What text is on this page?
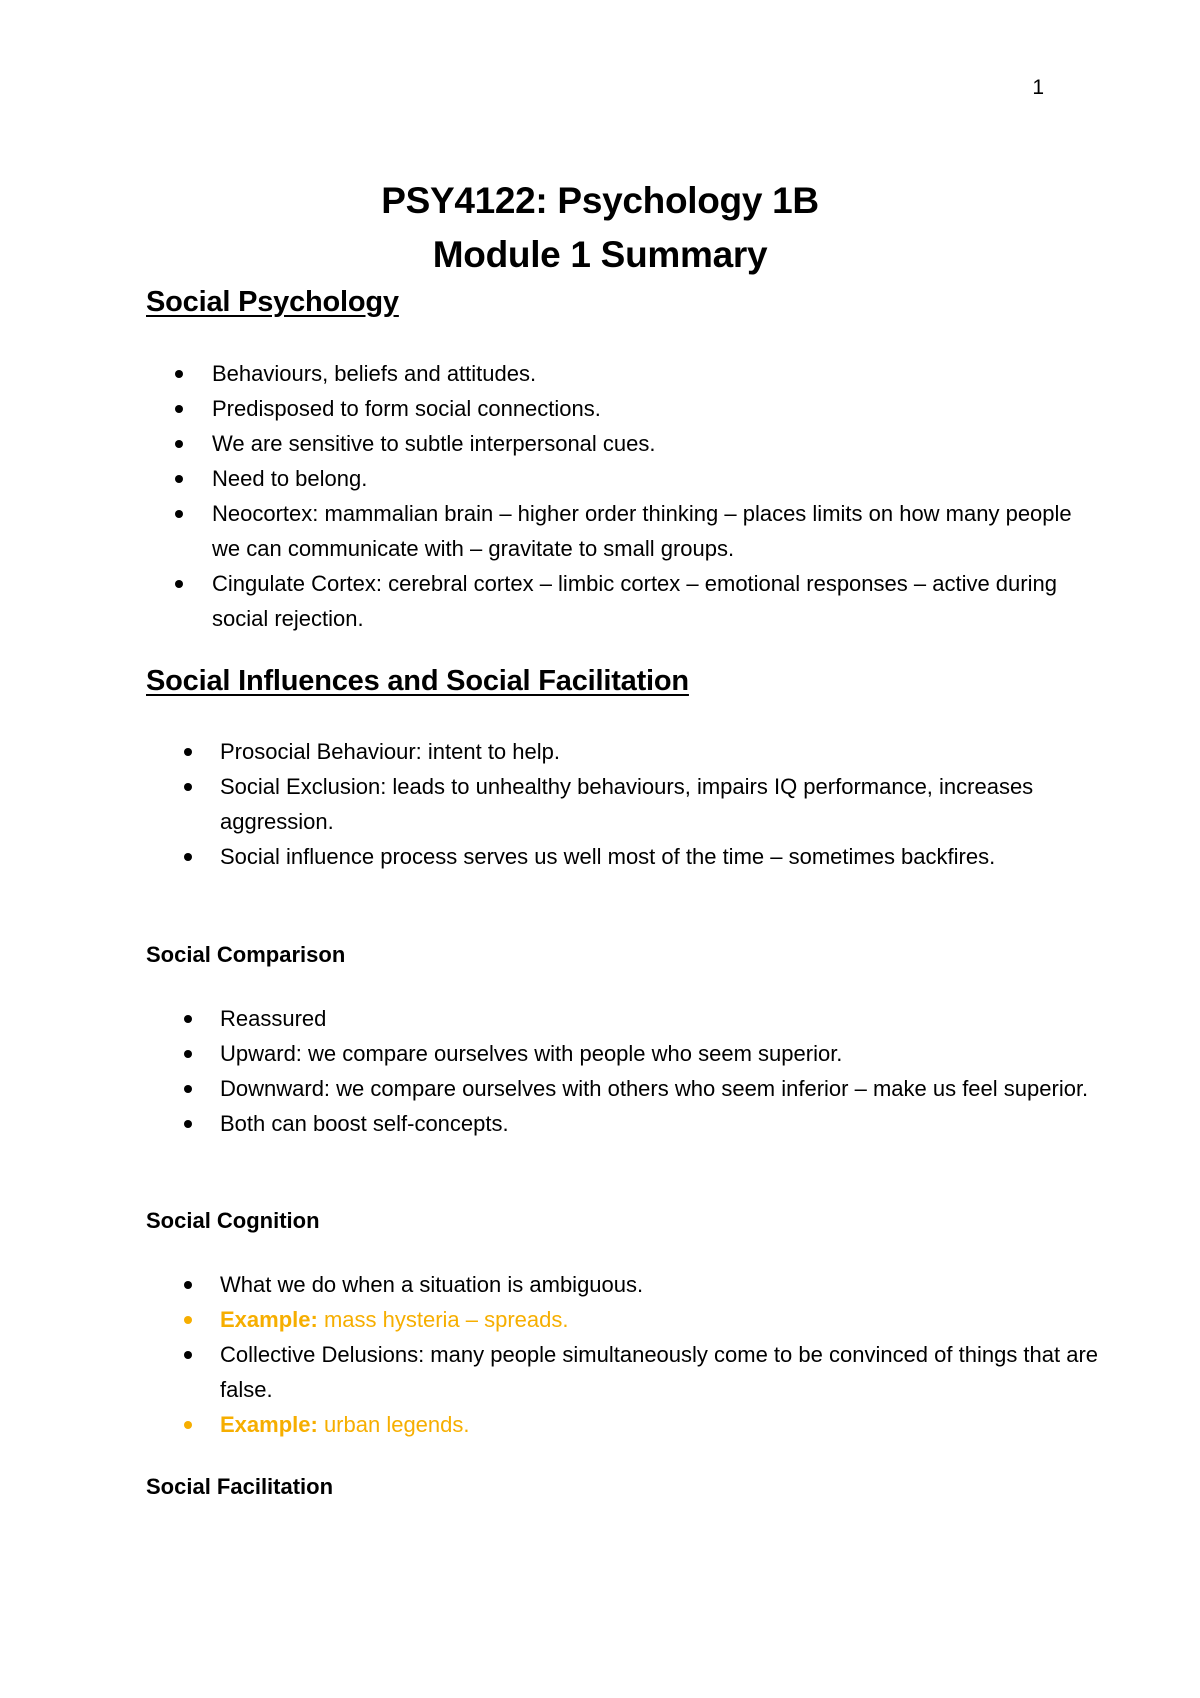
1
PSY4122: Psychology 1B
Module 1 Summary
Social Psychology
Behaviours, beliefs and attitudes.
Predisposed to form social connections.
We are sensitive to subtle interpersonal cues.
Need to belong.
Neocortex: mammalian brain – higher order thinking – places limits on how many people we can communicate with – gravitate to small groups.
Cingulate Cortex: cerebral cortex – limbic cortex – emotional responses – active during social rejection.
Social Influences and Social Facilitation
Prosocial Behaviour: intent to help.
Social Exclusion: leads to unhealthy behaviours, impairs IQ performance, increases aggression.
Social influence process serves us well most of the time – sometimes backfires.
Social Comparison
Reassured
Upward: we compare ourselves with people who seem superior.
Downward: we compare ourselves with others who seem inferior – make us feel superior.
Both can boost self-concepts.
Social Cognition
What we do when a situation is ambiguous.
Example: mass hysteria – spreads.
Collective Delusions: many people simultaneously come to be convinced of things that are false.
Example: urban legends.
Social Facilitation
